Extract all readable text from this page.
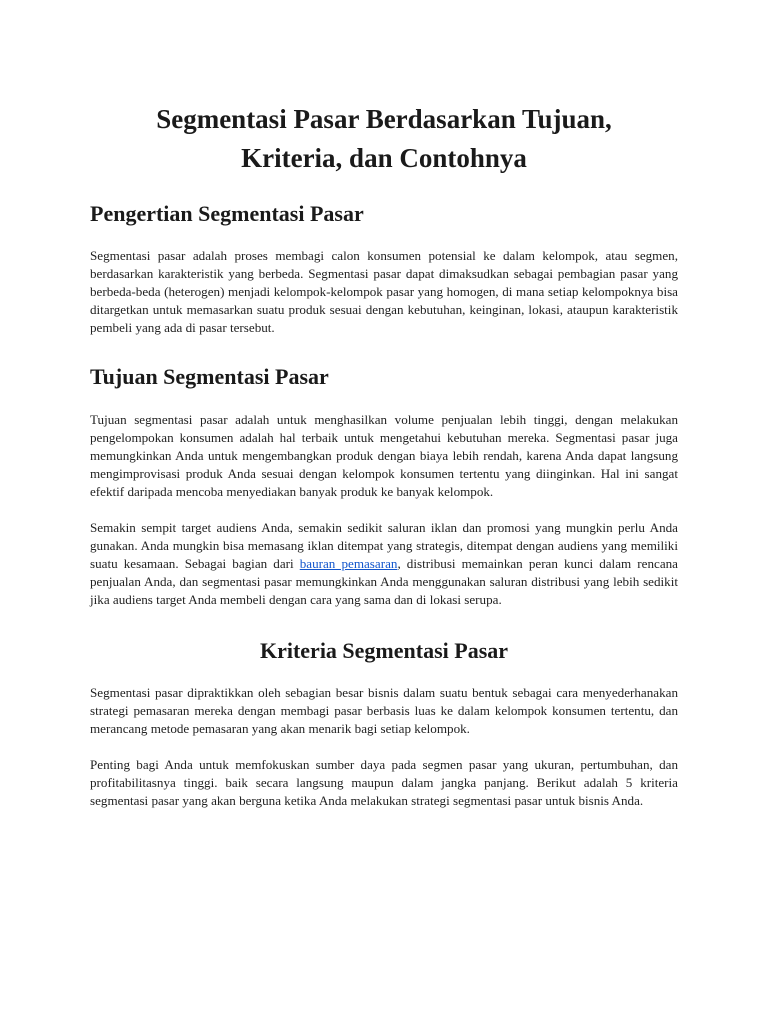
Segmentasi Pasar Berdasarkan Tujuan,
Kriteria, dan Contohnya
Pengertian Segmentasi Pasar

Segmentasi pasar adalah proses membagi calon konsumen potensial ke dalam kelompok, atau segmen, berdasarkan karakteristik yang berbeda. Segmentasi pasar dapat dimaksudkan sebagai pembagian pasar yang berbeda-beda (heterogen) menjadi kelompok-kelompok pasar yang homogen, di mana setiap kelompoknya bisa ditargetkan untuk memasarkan suatu produk sesuai dengan kebutuhan, keinginan, lokasi, ataupun karakteristik pembeli yang ada di pasar tersebut.

Tujuan Segmentasi Pasar

Tujuan segmentasi pasar adalah untuk menghasilkan volume penjualan lebih tinggi, dengan melakukan pengelompokan konsumen adalah hal terbaik untuk mengetahui kebutuhan mereka. Segmentasi pasar juga memungkinkan Anda untuk mengembangkan produk dengan biaya lebih rendah, karena Anda dapat langsung mengimprovisasi produk Anda sesuai dengan kelompok konsumen tertentu yang diinginkan. Hal ini sangat efektif daripada mencoba menyediakan banyak produk ke banyak kelompok.

Semakin sempit target audiens Anda, semakin sedikit saluran iklan dan promosi yang mungkin perlu Anda gunakan. Anda mungkin bisa memasang iklan ditempat yang strategis, ditempat dengan audiens yang memiliki suatu kesamaan. Sebagai bagian dari bauran pemasaran, distribusi memainkan peran kunci dalam rencana penjualan Anda, dan segmentasi pasar memungkinkan Anda menggunakan saluran distribusi yang lebih sedikit jika audiens target Anda membeli dengan cara yang sama dan di lokasi serupa.

Kriteria Segmentasi Pasar

Segmentasi pasar dipraktikkan oleh sebagian besar bisnis dalam suatu bentuk sebagai cara menyederhanakan strategi pemasaran mereka dengan membagi pasar berbasis luas ke dalam kelompok konsumen tertentu, dan merancang metode pemasaran yang akan menarik bagi setiap kelompok.

Penting bagi Anda untuk memfokuskan sumber daya pada segmen pasar yang ukuran, pertumbuhan, dan profitabilitasnya tinggi. baik secara langsung maupun dalam jangka panjang. Berikut adalah 5 kriteria segmentasi pasar yang akan berguna ketika Anda melakukan strategi segmentasi pasar untuk bisnis Anda.
